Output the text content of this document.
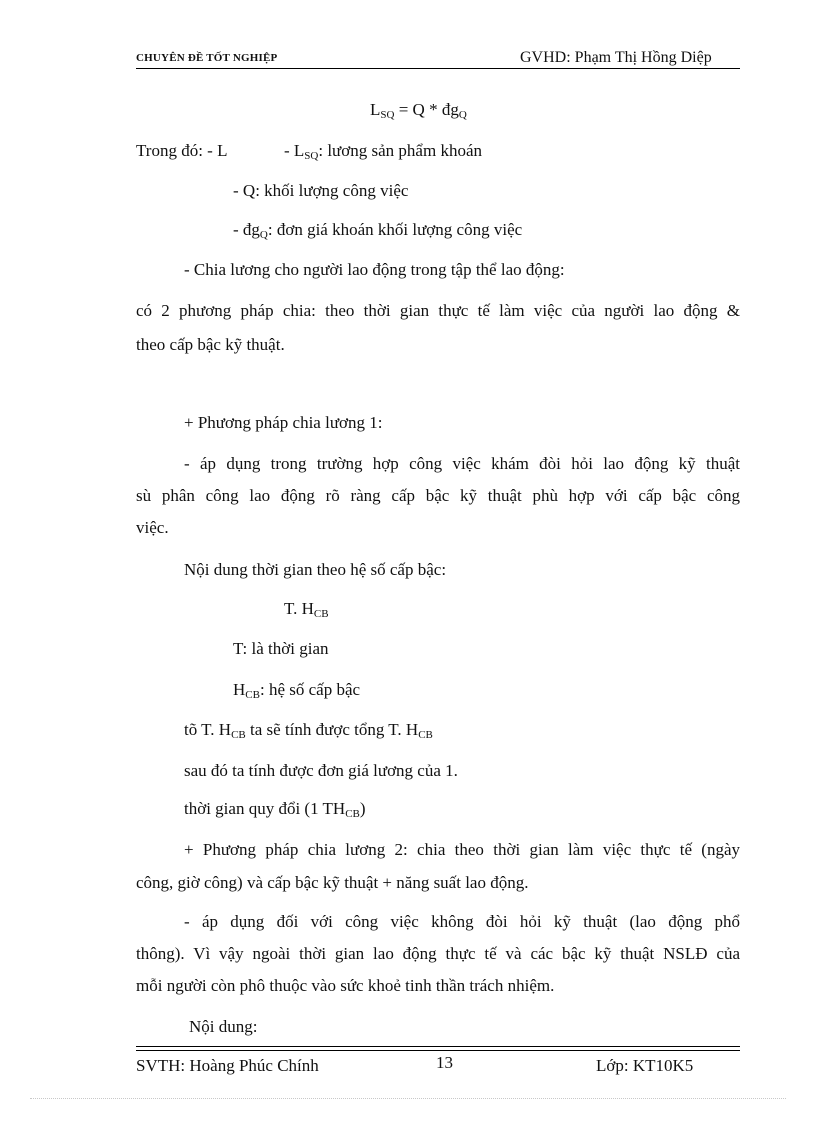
CHUYÊN ĐỀ TỐT NGHIỆP	GVHD: Phạm Thị Hồng Diệp
$L_{SQ} = Q$ * $đg_Q$
Trong đó: - L	- $L_{SQ}$: lương sản phẩm khoán
- Q: khối lượng công việc
- $đg_Q$: đơn giá khoán khối lượng công việc
- Chia lương cho người lao động trong tập thể lao động:
có 2 phương pháp chia: theo thời gian thực tế làm việc của người lao động &
theo cấp bậc kỹ thuật.
+ Phương pháp chia lương 1:
- áp dụng trong trường hợp công việc khám đòi hỏi lao động kỹ thuật
sù phân công lao động rõ ràng cấp bậc kỹ thuật phù hợp với cấp bậc công
việc.
Nội dung thời gian theo hệ số cấp bậc:
T. $H_{CB}$
T: là thời gian
$H_{CB}$: hệ số cấp bậc
tõ T. $H_{CB}$ ta sẽ tính được tổng T. $H_{CB}$
sau đó ta tính được đơn giá lương của 1.
thời gian quy đổi (1 $TH_{CB}$)
+ Phương pháp chia lương 2: chia theo thời gian làm việc thực tế (ngày
công, giờ công) và cấp bậc kỹ thuật + năng suất lao động.
- áp dụng đối với công việc không đòi hỏi kỹ thuật (lao động phổ
thông). Vì vậy ngoài thời gian lao động thực tế và các bậc kỹ thuật NSLĐ của
mỗi người còn phô thuộc vào sức khoẻ tinh thần trách nhiệm.
Nội dung:
SVTH: Hoàng Phúc Chính	13	Lớp: KT10K5
